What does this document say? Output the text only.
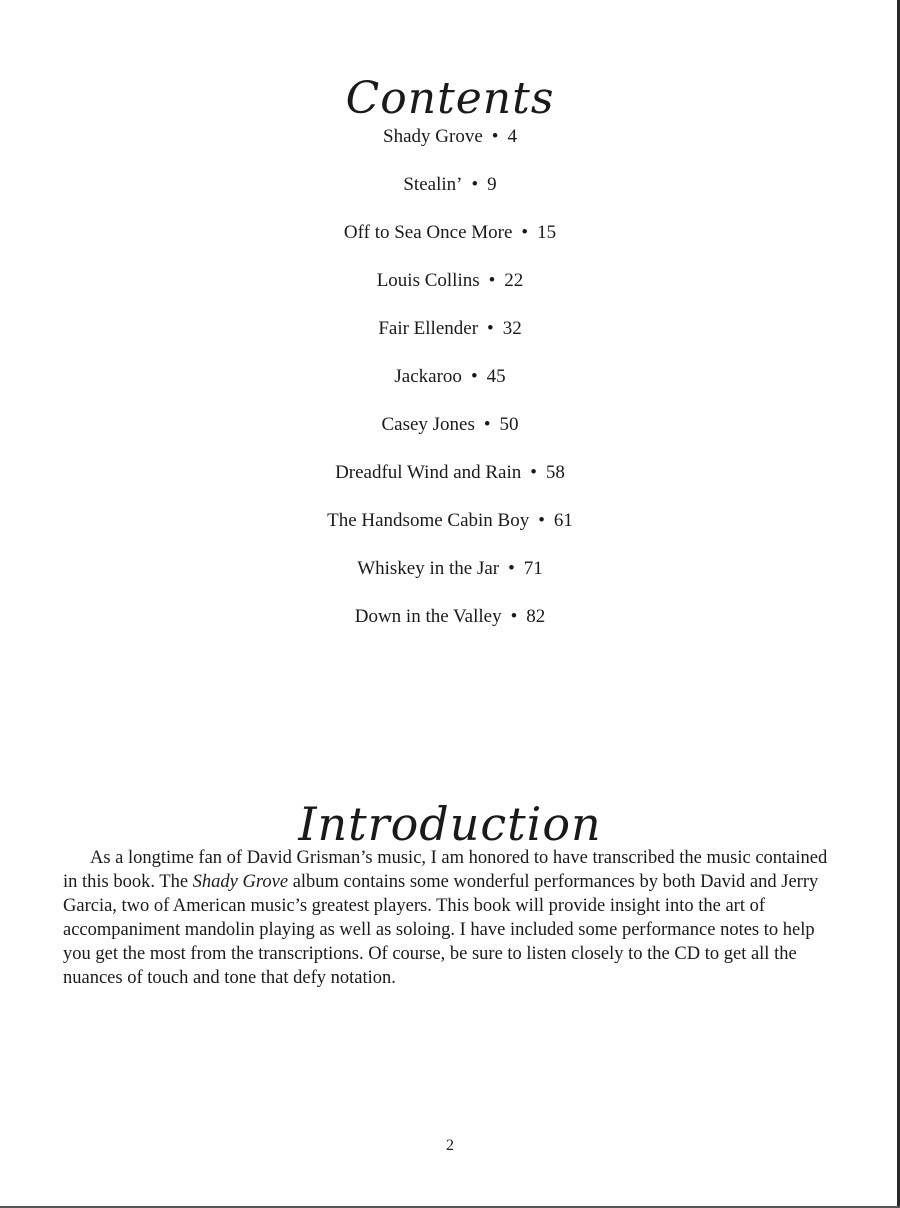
Contents
Shady Grove • 4
Stealin’ • 9
Off to Sea Once More • 15
Louis Collins • 22
Fair Ellender • 32
Jackaroo • 45
Casey Jones • 50
Dreadful Wind and Rain • 58
The Handsome Cabin Boy • 61
Whiskey in the Jar • 71
Down in the Valley • 82
Introduction

As a longtime fan of David Grisman’s music, I am honored to have transcribed the music contained in this book. The Shady Grove album contains some wonderful performances by both David and Jerry Garcia, two of American music’s greatest players. This book will provide insight into the art of accompaniment mandolin playing as well as soloing. I have included some performance notes to help you get the most from the transcriptions. Of course, be sure to listen closely to the CD to get all the nuances of touch and tone that defy notation.

2
